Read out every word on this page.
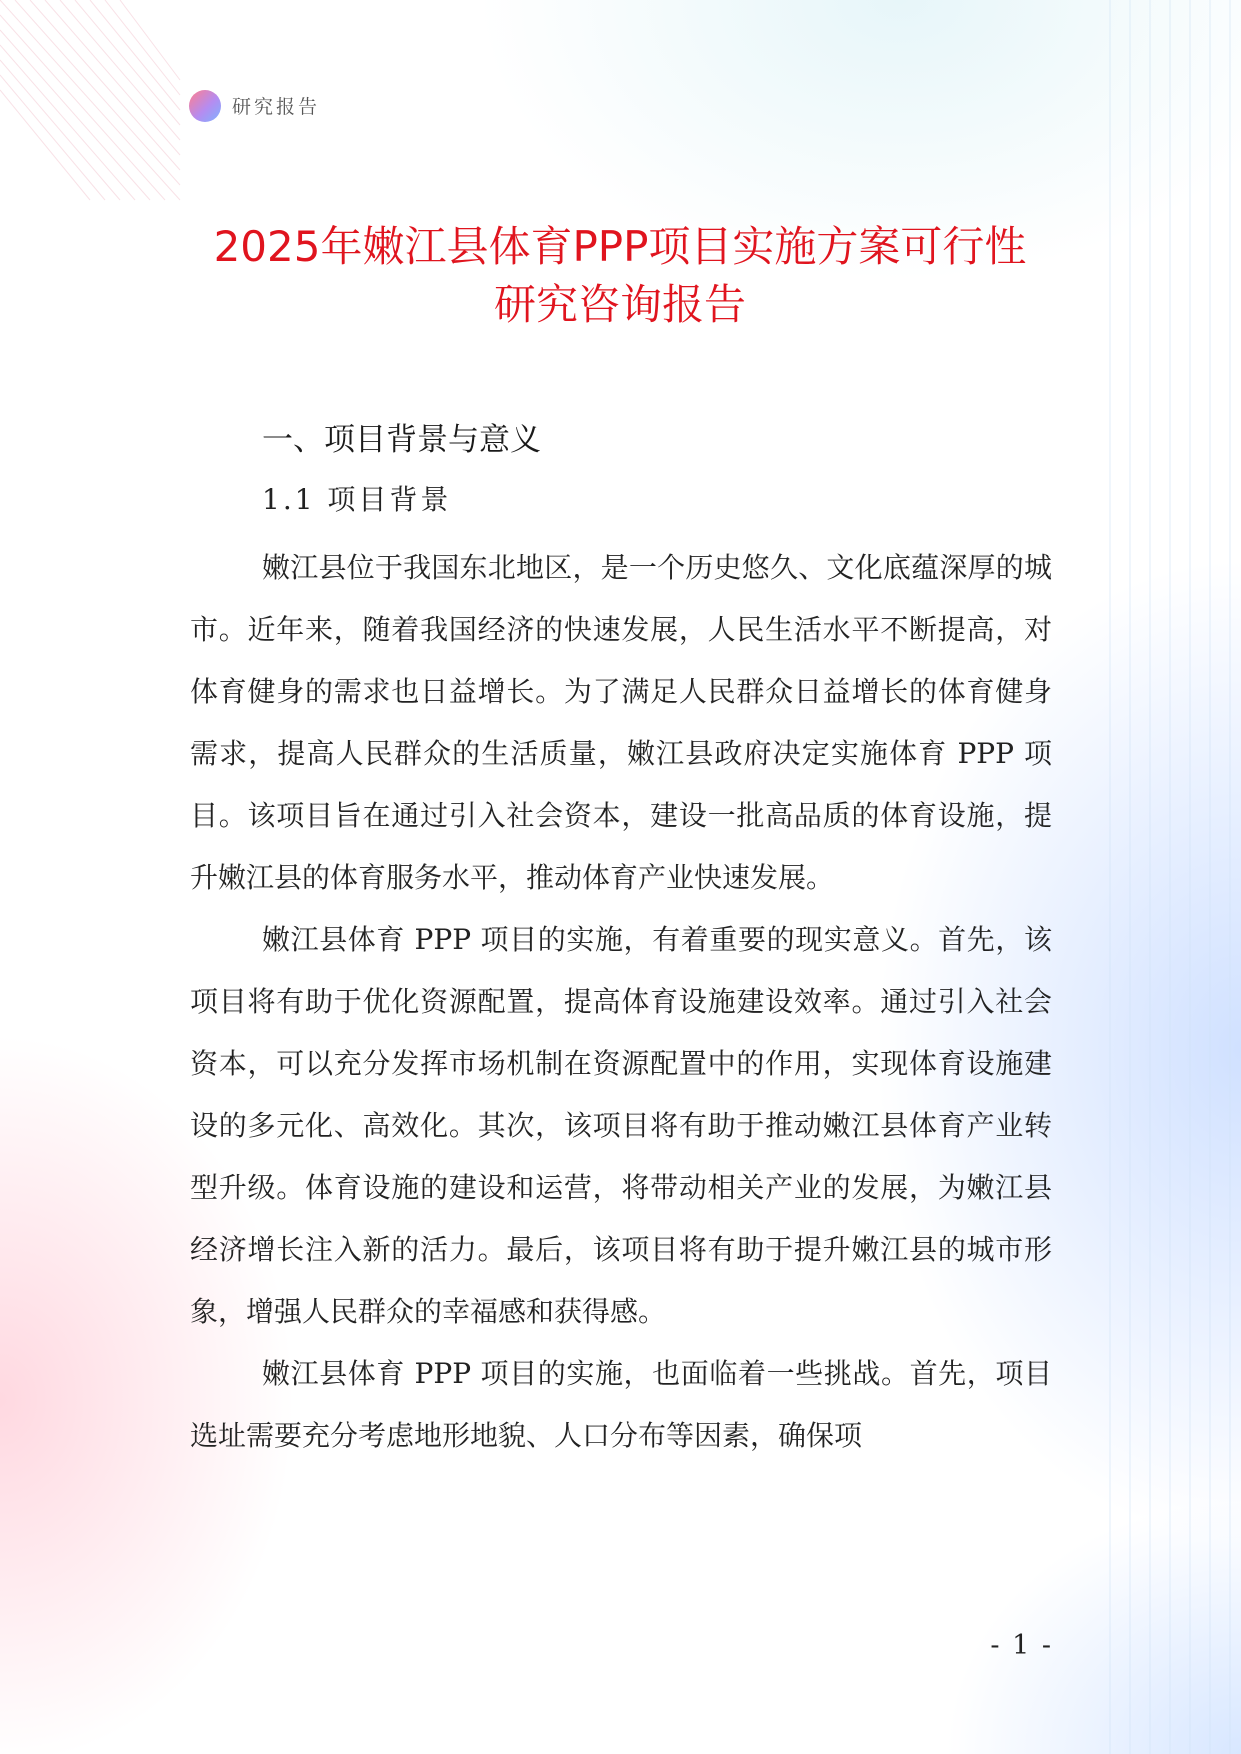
研究报告
2025年嫩江县体育PPP项目实施方案可行性
研究咨询报告
一、项目背景与意义
1.1 项目背景

嫩江县位于我国东北地区，是一个历史悠久、文化底蕴深厚的城市。近年来，随着我国经济的快速发展，人民生活水平不断提高，对体育健身的需求也日益增长。为了满足人民群众日益增长的体育健身需求，提高人民群众的生活质量，嫩江县政府决定实施体育 PPP 项目。该项目旨在通过引入社会资本，建设一批高品质的体育设施，提升嫩江县的体育服务水平，推动体育产业快速发展。

嫩江县体育 PPP 项目的实施，有着重要的现实意义。首先，该项目将有助于优化资源配置，提高体育设施建设效率。通过引入社会资本，可以充分发挥市场机制在资源配置中的作用，实现体育设施建设的多元化、高效化。其次，该项目将有助于推动嫩江县体育产业转型升级。体育设施的建设和运营，将带动相关产业的发展，为嫩江县经济增长注入新的活力。最后，该项目将有助于提升嫩江县的城市形象，增强人民群众的幸福感和获得感。

嫩江县体育 PPP 项目的实施，也面临着一些挑战。首先，项目选址需要充分考虑地形地貌、人口分布等因素，确保项

- 1 -
